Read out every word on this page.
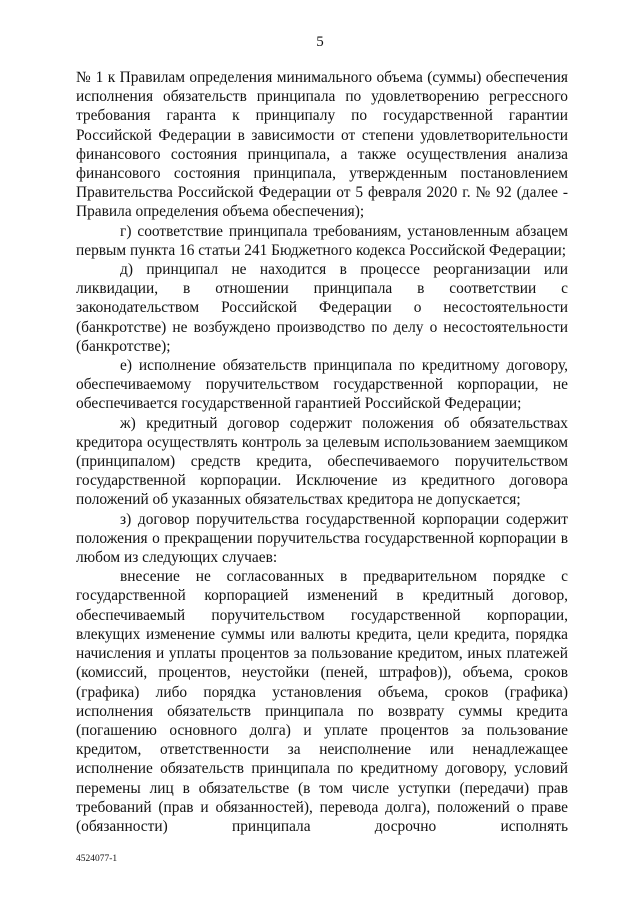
5

№ 1 к Правилам определения минимального объема (суммы) обеспечения исполнения обязательств принципала по удовлетворению регрессного требования гаранта к принципалу по государственной гарантии Российской Федерации в зависимости от степени удовлетворительности финансового состояния принципала, а также осуществления анализа финансового состояния принципала, утвержденным постановлением Правительства Российской Федерации от 5 февраля 2020 г. № 92 (далее - Правила определения объема обеспечения);

г) соответствие принципала требованиям, установленным абзацем первым пункта 16 статьи 241 Бюджетного кодекса Российской Федерации;

д) принципал не находится в процессе реорганизации или ликвидации, в отношении принципала в соответствии с законодательством Российской Федерации о несостоятельности (банкротстве) не возбуждено производство по делу о несостоятельности (банкротстве);

е) исполнение обязательств принципала по кредитному договору, обеспечиваемому поручительством государственной корпорации, не обеспечивается государственной гарантией Российской Федерации;

ж) кредитный договор содержит положения об обязательствах кредитора осуществлять контроль за целевым использованием заемщиком (принципалом) средств кредита, обеспечиваемого поручительством государственной корпорации. Исключение из кредитного договора положений об указанных обязательствах кредитора не допускается;

з) договор поручительства государственной корпорации содержит положения о прекращении поручительства государственной корпорации в любом из следующих случаев:

внесение не согласованных в предварительном порядке с государственной корпорацией изменений в кредитный договор, обеспечиваемый поручительством государственной корпорации, влекущих изменение суммы или валюты кредита, цели кредита, порядка начисления и уплаты процентов за пользование кредитом, иных платежей (комиссий, процентов, неустойки (пеней, штрафов)), объема, сроков (графика) либо порядка установления объема, сроков (графика) исполнения обязательств принципала по возврату суммы кредита (погашению основного долга) и уплате процентов за пользование кредитом, ответственности за неисполнение или ненадлежащее исполнение обязательств принципала по кредитному договору, условий перемены лиц в обязательстве (в том числе уступки (передачи) прав требований (прав и обязанностей), перевода долга), положений о праве (обязанности) принципала досрочно исполнять

4524077-1
